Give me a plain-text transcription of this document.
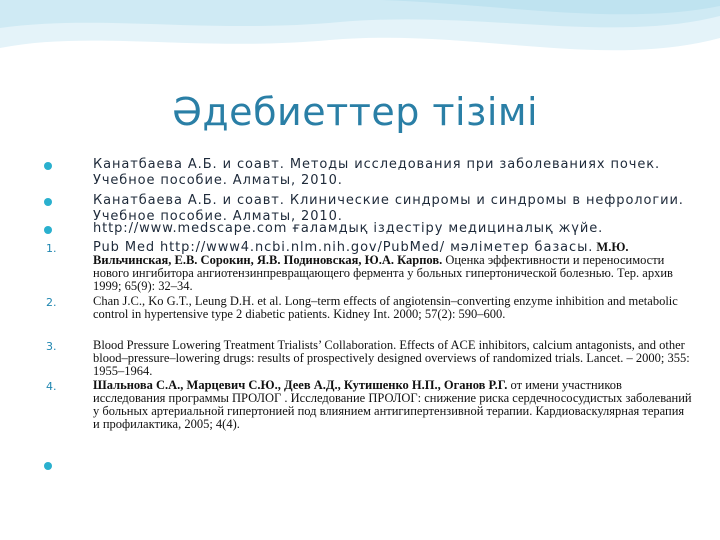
Әдебиеттер тізімі
Канатбаева А.Б. и соавт. Методы исследования при заболеваниях почек. Учебное пособие. Алматы, 2010.
Канатбаева А.Б. и соавт. Клинические синдромы и синдромы в нефрологии. Учебное пособие. Алматы, 2010.
http://www.medscape.com ғаламдық іздестіру медициналық жүйе.
1.	Pub Med http://www4.ncbi.nlm.nih.gov/PubMed/ мәліметер базасы. М.Ю. Вильчинская, Е.В. Сорокин, Я.В. Подиновская, Ю.А. Карпов. Оценка эффективности и переносимости нового ингибитора ангиотензинпревращающего фермента у больных гипертонической болезнью. Тер. архив 1999; 65(9): 32–34.
2.	Chan J.C., Ko G.T., Leung D.H. et al. Long–term effects of angiotensin–converting enzyme inhibition and metabolic control in hypertensive type 2 diabetic patients. Kidney Int. 2000; 57(2): 590–600.
3.	Blood Pressure Lowering Treatment Trialists’ Collaboration. Effects of ACE inhibitors, calcium antagonists, and other blood–pressure–lowering drugs: results of prospectively designed overviews of randomized trials. Lancet. – 2000; 355: 1955–1964.
4.	Шальнова С.А., Марцевич С.Ю., Деев А.Д., Кутишенко Н.П., Оганов Р.Г. от имени участников исследования программы ПРОЛОГ . Исследование ПРОЛОГ: снижение риска сердечнососудистых заболеваний у больных артериальной гипертонией под влиянием антигипертензивной терапии. Кардиоваскулярная терапия и профилактика, 2005; 4(4).
